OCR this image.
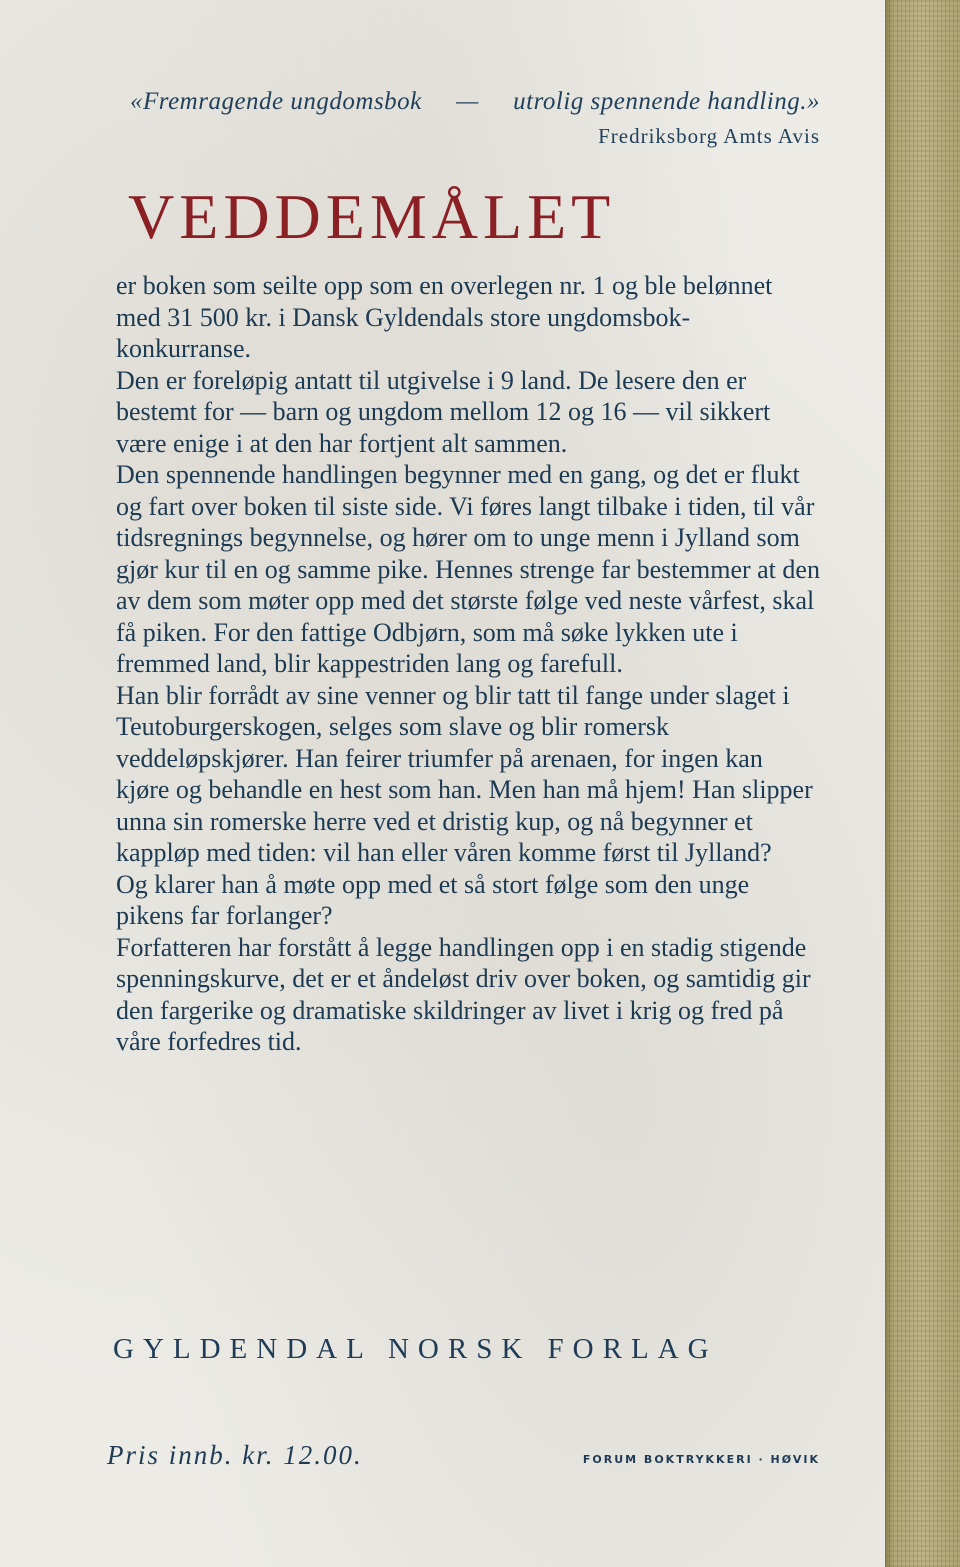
«Fremragende ungdomsbok — utrolig spennende handling.»
Fredriksborg Amts Avis
VEDDEMÅLET

er boken som seilte opp som en overlegen nr. 1 og ble belønnet med 31 500 kr. i Dansk Gyldendals store ungdomsbok-konkurranse.

Den er foreløpig antatt til utgivelse i 9 land. De lesere den er bestemt for — barn og ungdom mellom 12 og 16 — vil sikkert være enige i at den har fortjent alt sammen.

Den spennende handlingen begynner med en gang, og det er flukt og fart over boken til siste side. Vi føres langt tilbake i tiden, til vår tidsregnings begynnelse, og hører om to unge menn i Jylland som gjør kur til en og samme pike. Hennes strenge far bestemmer at den av dem som møter opp med det største følge ved neste vårfest, skal få piken. For den fattige Odbjørn, som må søke lykken ute i fremmed land, blir kappestriden lang og farefull.

Han blir forrådt av sine venner og blir tatt til fange under slaget i Teutoburgerskogen, selges som slave og blir romersk veddeløpskjører. Han feirer triumfer på arenaen, for ingen kan kjøre og behandle en hest som han. Men han må hjem! Han slipper unna sin romerske herre ved et dristig kup, og nå begynner et kappløp med tiden: vil han eller våren komme først til Jylland?

Og klarer han å møte opp med et så stort følge som den unge pikens far forlanger?

Forfatteren har forstått å legge handlingen opp i en stadig stigende spenningskurve, det er et åndeløst driv over boken, og samtidig gir den fargerike og dramatiske skildringer av livet i krig og fred på våre forfedres tid.

GYLDENDAL NORSK FORLAG
Pris innb. kr. 12.00.	FORUM BOKTRYKKERI · HØVIK
